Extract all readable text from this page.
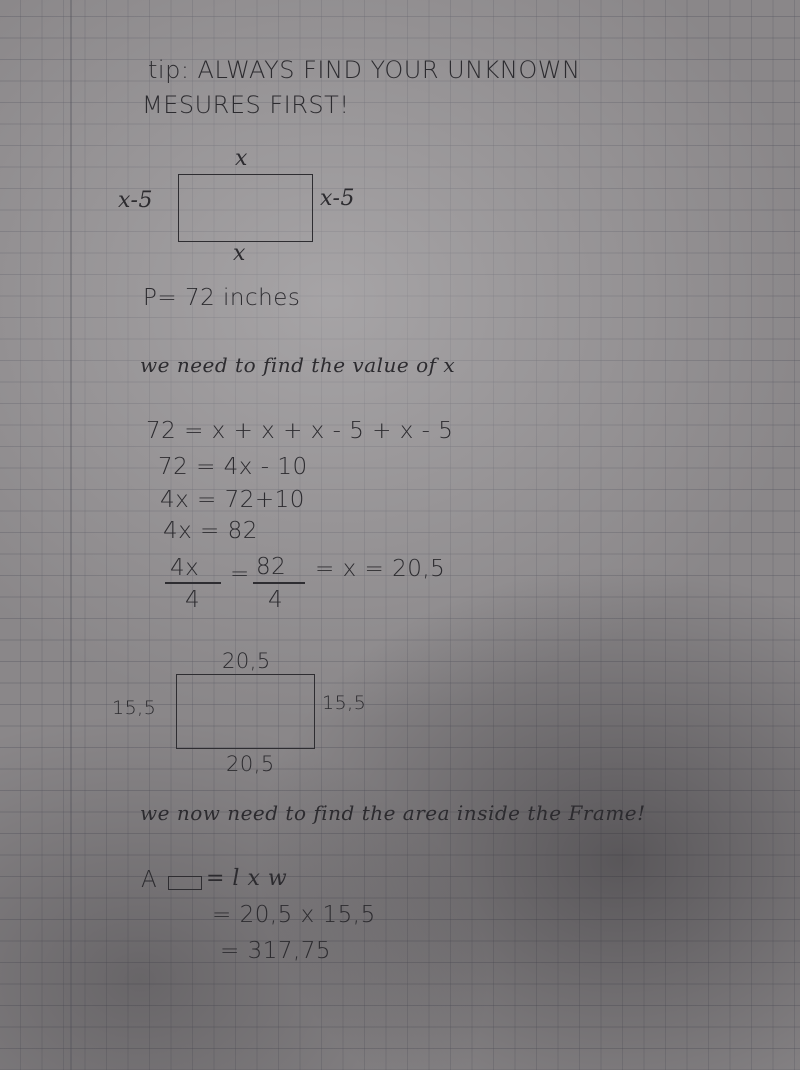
tip: ALWAYS FIND YOUR UNKNOWN
MESURES FIRST!
x
x
x-5	x-5
P= 72 inches
we need to find the value of x
72 = x + x + x - 5 + x - 5
72 = 4x - 10
4x = 72+10
4x = 82
4x
4
= 82
4
= x = 20,5
20,5
20,5
15,5	15,5
we now need to find the area inside the Frame!
A = l x w
= 20,5 x 15,5
= 317,75
